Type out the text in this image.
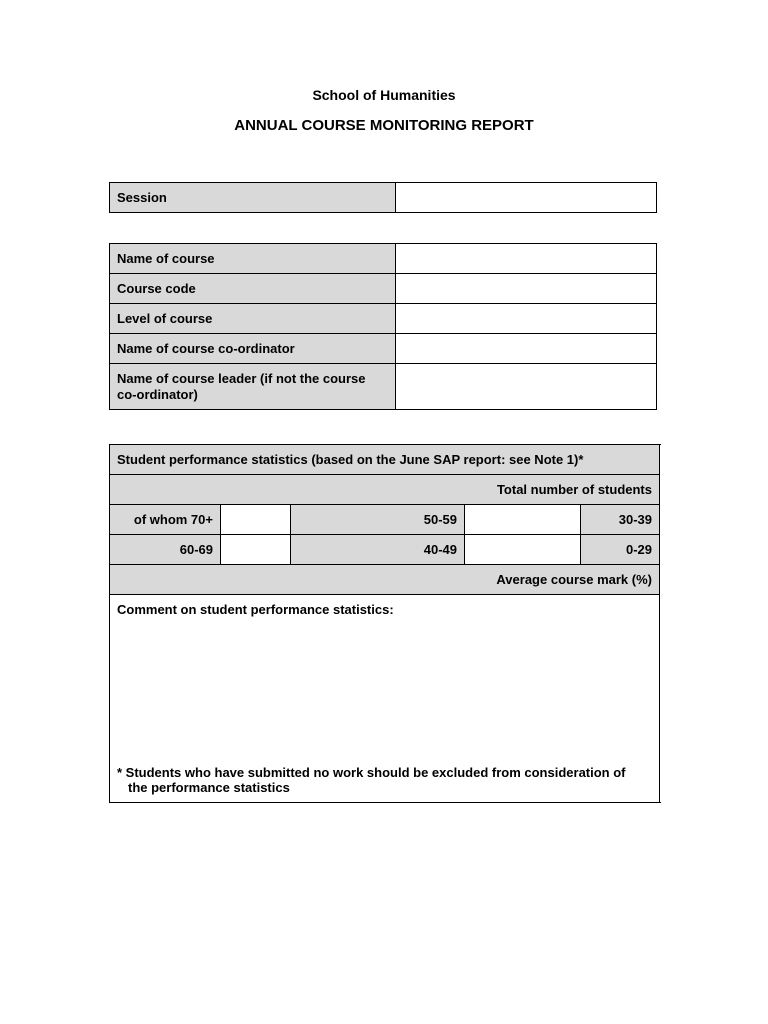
School of Humanities
ANNUAL COURSE MONITORING REPORT
Session	
Name of course	
Course code	
Level of course	
Name of course co-ordinator	
Name of course leader (if not the course
co-ordinator)	
Student performance statistics (based on the June SAP report: see Note 1)*					
Total number of students					
of whom 70+		50-59		30-39	
60-69		40-49		0-29	
Average course mark (%)					
Comment on student performance statistics:
* Students who have submitted no work should be excluded from consideration of
the performance statistics					
